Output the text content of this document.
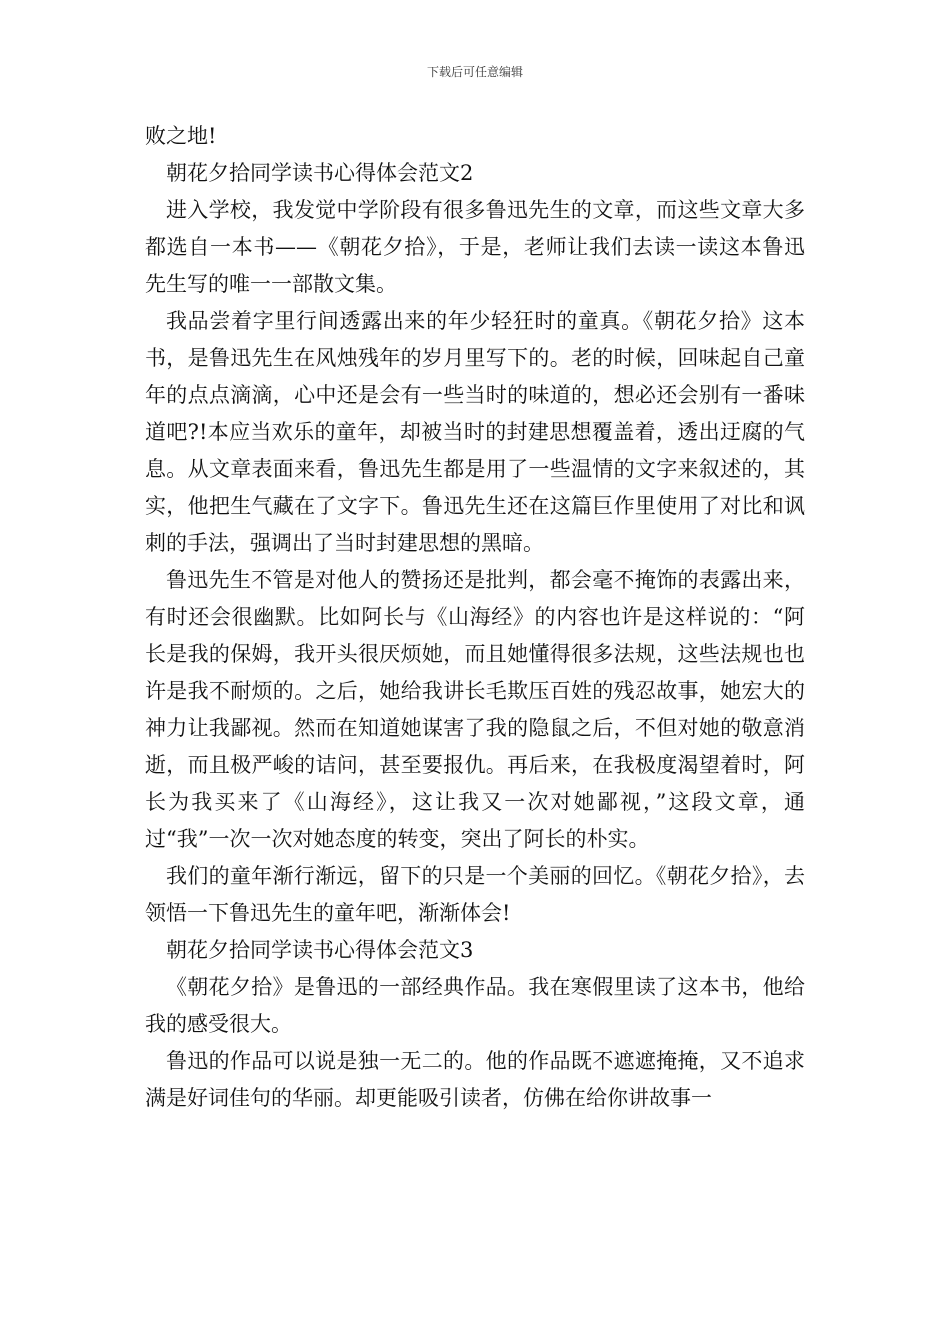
下载后可任意编辑

败之地!

朝花夕拾同学读书心得体会范文2

进入学校，我发觉中学阶段有很多鲁迅先生的文章，而这些文章大多都选自一本书——《朝花夕拾》，于是，老师让我们去读一读这本鲁迅先生写的唯一一部散文集。

我品尝着字里行间透露出来的年少轻狂时的童真。《朝花夕拾》这本书，是鲁迅先生在风烛残年的岁月里写下的。老的时候，回味起自己童年的点点滴滴，心中还是会有一些当时的味道的，想必还会别有一番味道吧?!本应当欢乐的童年，却被当时的封建思想覆盖着，透出迂腐的气息。从文章表面来看，鲁迅先生都是用了一些温情的文字来叙述的，其实，他把生气藏在了文字下。鲁迅先生还在这篇巨作里使用了对比和讽刺的手法，强调出了当时封建思想的黑暗。

鲁迅先生不管是对他人的赞扬还是批判，都会毫不掩饰的表露出来，有时还会很幽默。比如阿长与《山海经》的内容也许是这样说的：“阿长是我的保姆，我开头很厌烦她，而且她懂得很多法规，这些法规也也许是我不耐烦的。之后，她给我讲长毛欺压百姓的残忍故事，她宏大的神力让我鄙视。然而在知道她谋害了我的隐鼠之后，不但对她的敬意消逝，而且极严峻的诘问，甚至要报仇。再后来，在我极度渴望着时，阿长为我买来了《山海经》，这让我又一次对她鄙视，”这段文章，通过“我”一次一次对她态度的转变，突出了阿长的朴实。

我们的童年渐行渐远，留下的只是一个美丽的回忆。《朝花夕拾》，去领悟一下鲁迅先生的童年吧，渐渐体会!

朝花夕拾同学读书心得体会范文3

《朝花夕拾》是鲁迅的一部经典作品。我在寒假里读了这本书，他给我的感受很大。

鲁迅的作品可以说是独一无二的。他的作品既不遮遮掩掩，又不追求满是好词佳句的华丽。却更能吸引读者，仿佛在给你讲故事一
